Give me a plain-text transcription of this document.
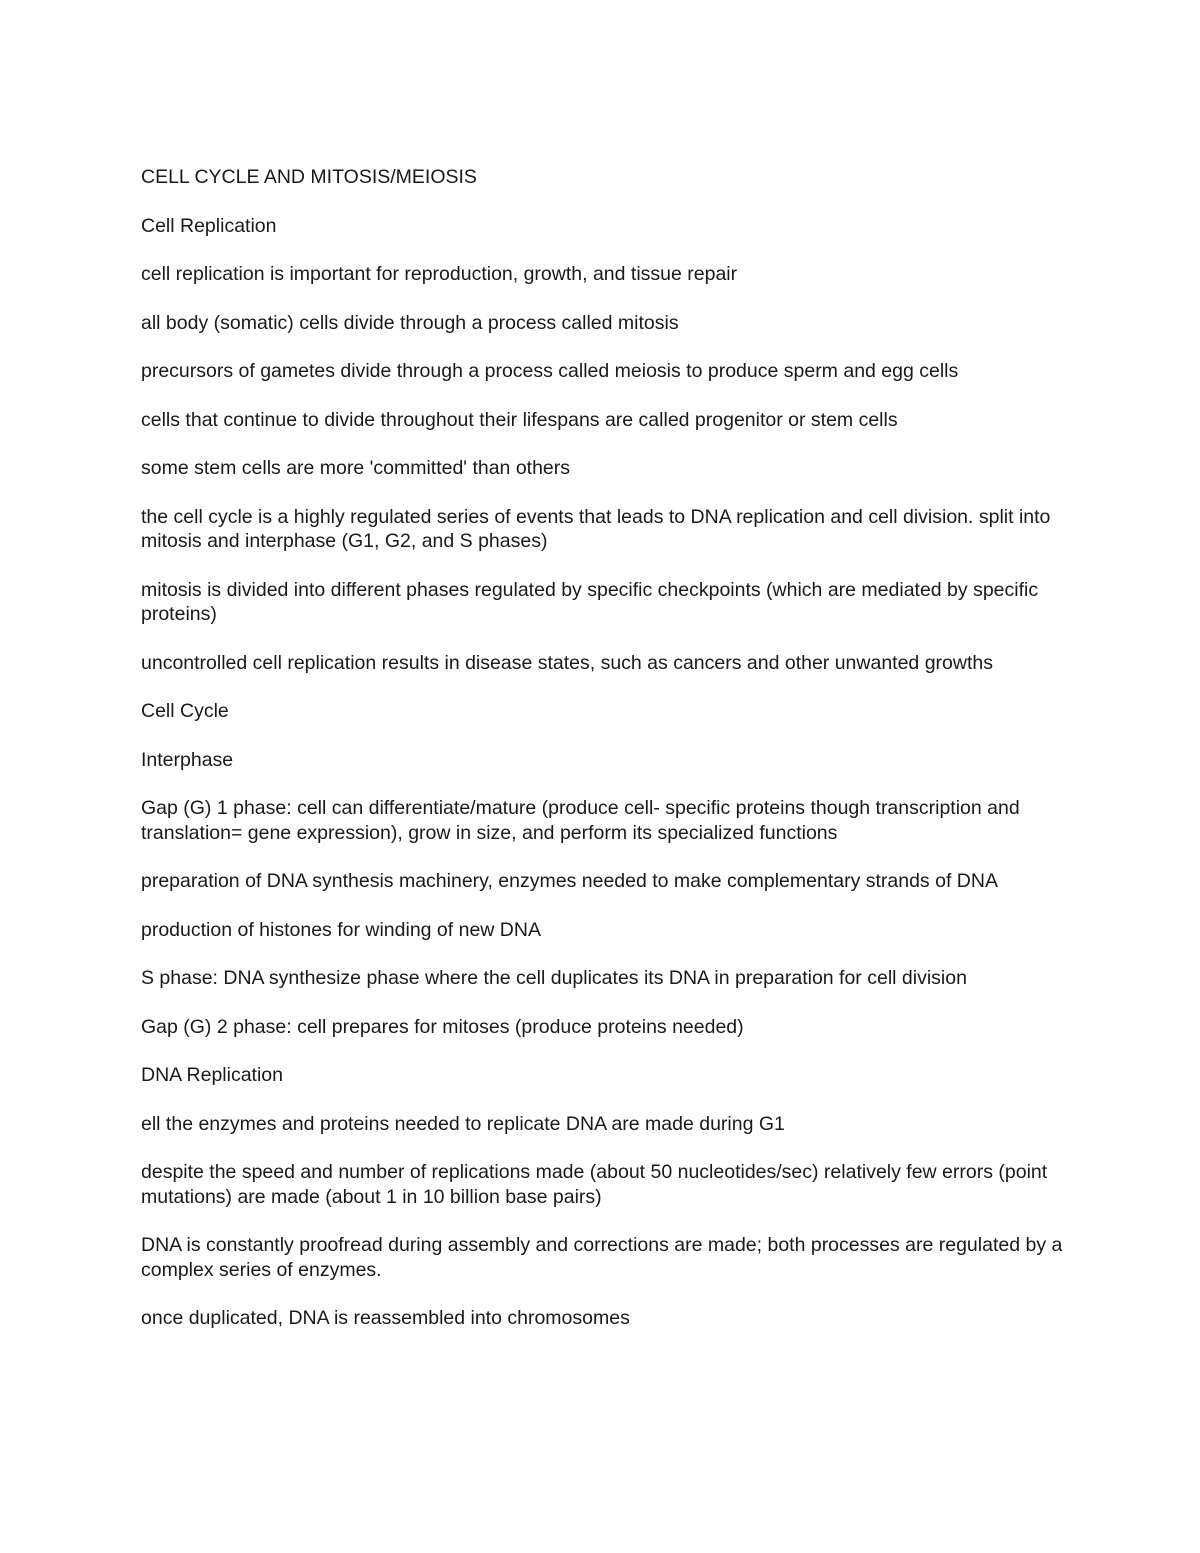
CELL CYCLE AND MITOSIS/MEIOSIS

Cell Replication

cell replication is important for reproduction, growth, and tissue repair

all body (somatic) cells divide through a process called mitosis

precursors of gametes divide through a process called meiosis to produce sperm and egg cells

cells that continue to divide throughout their lifespans are called progenitor or stem cells

some stem cells are more 'committed' than others

the cell cycle is a highly regulated series of events that leads to DNA replication and cell division. split into mitosis and interphase (G1, G2, and S phases)

mitosis is divided into different phases regulated by specific checkpoints (which are mediated by specific proteins)

uncontrolled cell replication results in disease states, such as cancers and other unwanted growths

Cell Cycle

Interphase

Gap (G) 1 phase: cell can differentiate/mature (produce cell- specific proteins though transcription and translation= gene expression), grow in size, and perform its specialized functions

preparation of DNA synthesis machinery, enzymes needed to make complementary strands of DNA

production of histones for winding of new DNA

S phase: DNA synthesize phase where the cell duplicates its DNA in preparation for cell division

Gap (G) 2 phase: cell prepares for mitoses (produce proteins needed)

DNA Replication

ell the enzymes and proteins needed to replicate DNA are made during G1

despite the speed and number of replications made (about 50 nucleotides/sec) relatively few errors (point mutations) are made (about 1 in 10 billion base pairs)

DNA is constantly proofread during assembly and corrections are made; both processes are regulated by a complex series of enzymes.

once duplicated, DNA is reassembled into chromosomes
